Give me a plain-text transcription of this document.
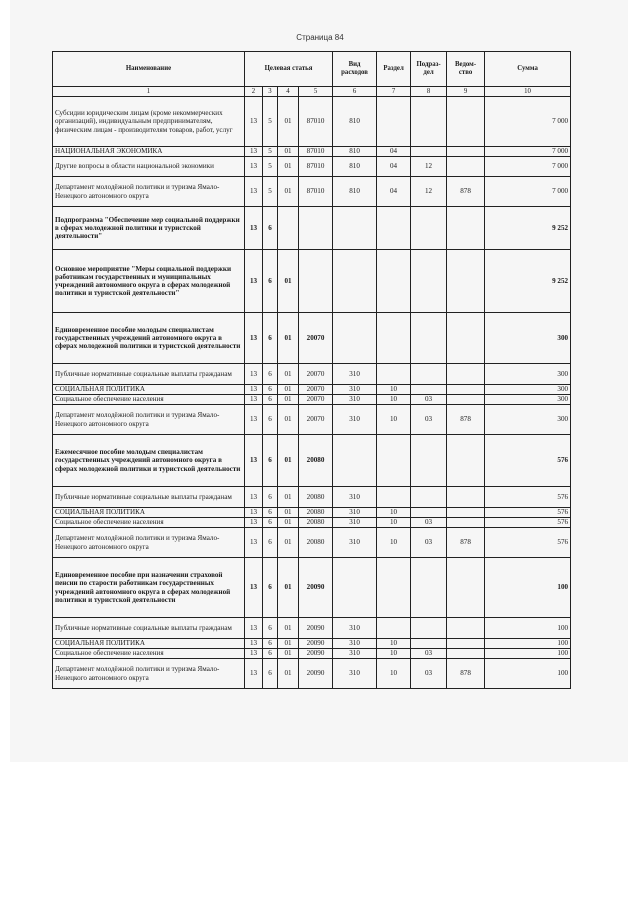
Страница 84
Наименование	Целевая статья				Вид расходов	Раздел	Подраз-дел	Ведом-ство	Сумма
1	2	3	4	5	6	7	8	9	10
Субсидии юридическим лицам (кроме некоммерческих организаций), индивидуальным предпринимателям, физическим лицам - производителям товаров, работ, услуг	13	5	01	87010	810				7 000
НАЦИОНАЛЬНАЯ ЭКОНОМИКА	13	5	01	87010	810	04			7 000
Другие вопросы в области национальной экономики	13	5	01	87010	810	04	12		7 000
Департамент молодёжной политики и туризма Ямало-Ненецкого автономного округа	13	5	01	87010	810	04	12	878	7 000
Подпрограмма "Обеспечение мер социальной поддержки в сферах молодежной политики и туристской деятельности"	13	6							9 252
Основное мероприятие "Меры социальной поддержки работникам государственных и муниципальных учреждений автономного округа в сферах молодежной политики и туристской деятельности"	13	6	01						9 252
Единовременное пособие молодым специалистам государственных учреждений автономного округа в сферах молодежной политики и туристской деятельности	13	6	01	20070					300
Публичные нормативные социальные выплаты гражданам	13	6	01	20070	310				300
СОЦИАЛЬНАЯ ПОЛИТИКА	13	6	01	20070	310	10			300
Социальное обеспечение населения	13	6	01	20070	310	10	03		300
Департамент молодёжной политики и туризма Ямало-Ненецкого автономного округа	13	6	01	20070	310	10	03	878	300
Ежемесячное пособие молодым специалистам государственных учреждений автономного округа в сферах молодежной политики и туристской деятельности	13	6	01	20080					576
Публичные нормативные социальные выплаты гражданам	13	6	01	20080	310				576
СОЦИАЛЬНАЯ ПОЛИТИКА	13	6	01	20080	310	10			576
Социальное обеспечение населения	13	6	01	20080	310	10	03		576
Департамент молодёжной политики и туризма Ямало-Ненецкого автономного округа	13	6	01	20080	310	10	03	878	576
Единовременное пособие при назначении страховой пенсии по старости работникам государственных учреждений автономного округа в сферах молодежной политики и туристской деятельности	13	6	01	20090					100
Публичные нормативные социальные выплаты гражданам	13	6	01	20090	310				100
СОЦИАЛЬНАЯ ПОЛИТИКА	13	6	01	20090	310	10			100
Социальное обеспечение населения	13	6	01	20090	310	10	03		100
Департамент молодёжной политики и туризма Ямало-Ненецкого автономного округа	13	6	01	20090	310	10	03	878	100
